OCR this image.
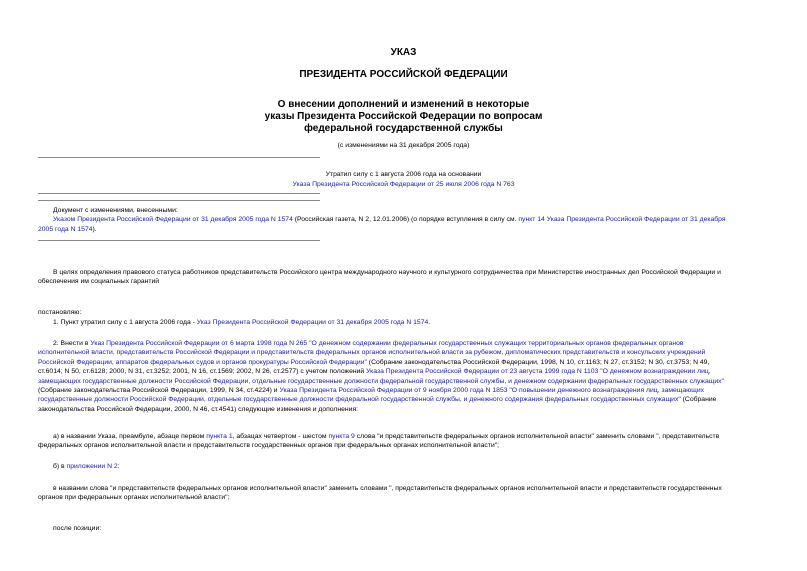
УКАЗ
ПРЕЗИДЕНТА РОССИЙСКОЙ ФЕДЕРАЦИИ
О внесении дополнений и изменений в некоторые
указы Президента Российской Федерации по вопросам
федеральной государственной службы
(с изменениями на 31 декабря 2005 года)
Утратил силу с 1 августа 2006 года на основании
Указа Президента Российской Федерации от 25 июля 2006 года N 763
Документ с изменениями, внесенными:
Указом Президента Российской Федерации от 31 декабря 2005 года N 1574 (Российская газета, N 2, 12.01.2006) (о порядке вступления в силу см. пункт 14 Указа Президента Российской Федерации от 31 декабря
2005 года N 1574).
В целях определения правового статуса работников представительств Российского центра международного научного и культурного сотрудничества при Министерстве иностранных дел Российской Федерации и
обеспечения им социальных гарантий
постановляю:
1. Пункт утратил силу с 1 августа 2006 года - Указ Президента Российской Федерации от 31 декабря 2005 года N 1574.
2. Внести в Указ Президента Российской Федерации от 6 марта 1998 года N 265 "О денежном содержании федеральных государственных служащих территориальных органов федеральных органов
исполнительной власти, представительств Российской Федерации и представительств федеральных органов исполнительной власти за рубежом, дипломатических представительств и консульских учреждений
Российской Федерации, аппаратов федеральных судов и органов прокуратуры Российской Федерации" (Собрание законодательства Российской Федерации, 1998, N 10, ст.1163; N 27, ст.3152; N 30, ст.3753; N 49,
ст.6014; N 50, ст.6128; 2000, N 31, ст.3252; 2001, N 16, ст.1569; 2002, N 26, ст.2577) с учетом положений Указа Президента Российской Федерации от 23 августа 1999 года N 1103 "О денежном вознаграждении лиц,
замещающих государственные должности Российской Федерации, отдельные государственные должности федеральной государственной службы, и денежном содержании федеральных государственных служащих"
(Собрание законодательства Российской Федерации, 1999, N 34, ст.4224) и Указа Президента Российской Федерации от 9 ноября 2000 года N 1853 "О повышении денежного вознаграждения лиц, замещающих
государственные должности Российской Федерации, отдельные государственные должности федеральной государственной службы, и денежного содержания федеральных государственных служащих" (Собрание
законодательства Российской Федерации, 2000, N 46, ст.4541) следующие изменения и дополнения:
а) в названии Указа, преамбуле, абзаце первом пункта 1, абзацах четвертом - шестом пункта 9 слова "и представительств федеральных органов исполнительной власти" заменить словами ", представительств
федеральных органов исполнительной власти и представительств государственных органов при федеральных органах исполнительной власти";
б) в приложении N 2:
в названии слова "и представительств федеральных органов исполнительной власти" заменить словами ", представительств федеральных органов исполнительной власти и представительств государственных
органов при федеральных органах исполнительной власти";
после позиции:
